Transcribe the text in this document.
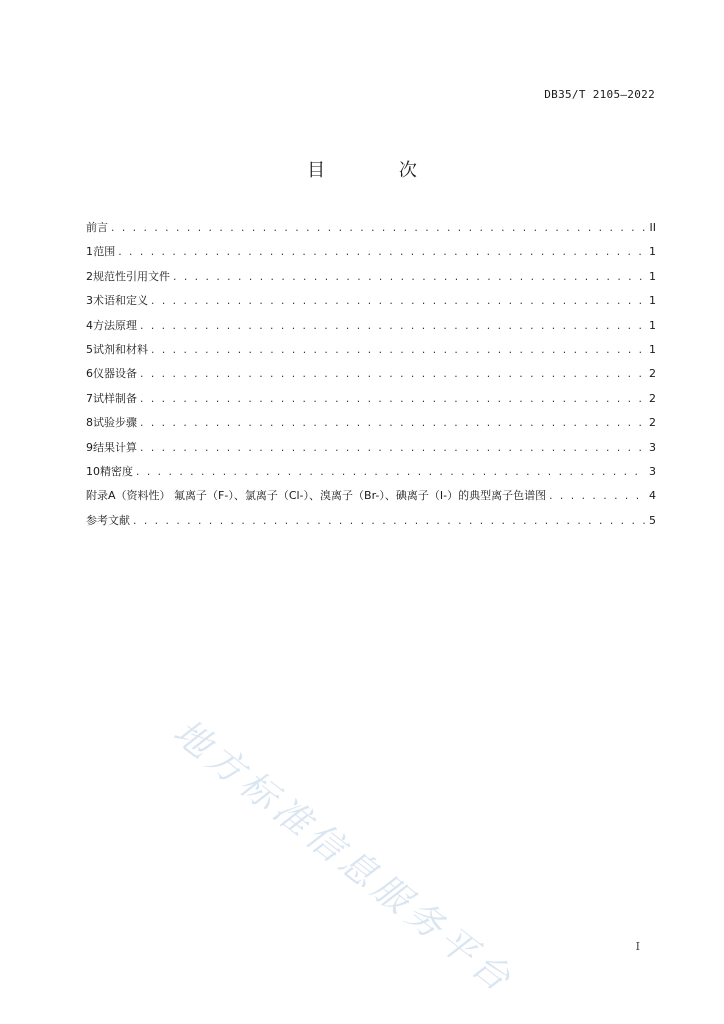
DB35/T 2105—2022
目 次
前言 . . .	II
1 范围 . . .	1
2 规范性引用文件 . . .	1
3 术语和定义 . . .	1
4 方法原理 . . .	1
5 试剂和材料 . . .	1
6 仪器设备 . . .	2
7 试样制备 . . .	2
8 试验步骤 . . .	2
9 结果计算 . . .	3
10 精密度 . . .	3
附录A（资料性） 氟离子（F-）、氯离子（Cl-）、溴离子（Br-）、碘离子（I-）的典型离子色谱图 . . .	4
参考文献 . . .	5
地方标准信息服务平台	I
